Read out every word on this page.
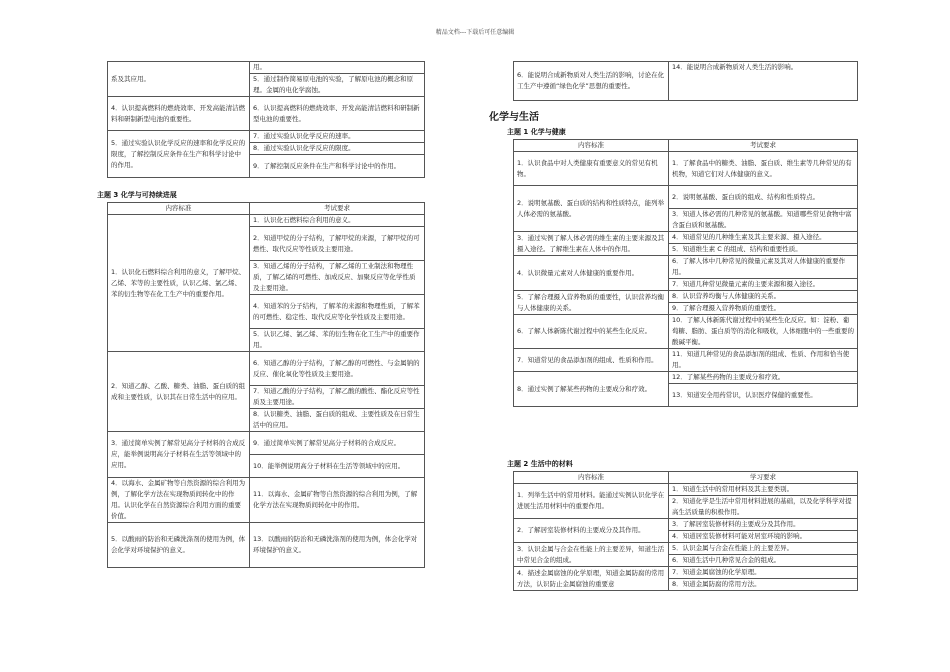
精品文档---下载后可任意编辑
系及其应用。	用。
	5．通过制作简易原电池的实验，了解原电池的概念和原理。金属的电化学腐蚀。
4．认识提高燃料的燃烧效率、开发高能清洁燃料和研制新型电池的重要性。	6．认识提高燃料的燃烧效率、开发高能清洁燃料和研制新型电池的重要性。
5．通过实验认识化学反应的速率和化学反应的限度，了解控制反应条件在生产和科学讨论中的作用。	7．通过实验认识化学反应的速率。
	8．通过实验认识化学反应的限度。
	9．了解控制反应条件在生产和科学讨论中的作用。
主题 3 化学与可持续进展
内容标准	考试要求
1．认识化石燃料综合利用的意义，了解甲烷、乙烯、苯等的主要性质，认识乙烯、氯乙烯、苯的衍生物等在化工生产中的重要作用。	1．认识化石燃料综合利用的意义。
	2．知道甲烷的分子结构，了解甲烷的来源，了解甲烷的可燃性、取代反应等性质及主要用途。
	3．知道乙烯的分子结构，了解乙烯的工业制法和物理性质，了解乙烯的可燃性、加成反应、加聚反应等化学性质及主要用途。
	4．知道苯的分子结构，了解苯的来源和物理性质，了解苯的可燃性、稳定性、取代反应等化学性质及主要用途。
	5．认识乙烯、氯乙烯、苯的衍生物在化工生产中的重要作用。
2．知道乙醇、乙酸、糖类、油脂、蛋白质的组成和主要性质，认识其在日常生活中的应用。	6．知道乙醇的分子结构，了解乙醇的可燃性、与金属钠的反应、催化氧化等性质及主要用途。
	7．知道乙酸的分子结构，了解乙酸的酸性、酯化反应等性质及主要用途。
	8．认识糖类、油脂、蛋白质的组成、主要性质及在日常生活中的应用。
3．通过简单实例了解常见高分子材料的合成反应，能举例说明高分子材料在生活等领域中的应用。	9．通过简单实例了解常见高分子材料的合成反应。
	10．能举例说明高分子材料在生活等领域中的应用。
4．以海水、金属矿物等自然资源的综合利用为例，了解化学方法在实现物质间转化中的作用。认识化学在自然资源综合利用方面的重要价值。	11．以海水、金属矿物等自然资源的综合利用为例，了解化学方法在实现物质间转化中的作用。
5．以酸雨的防治和无磷洗涤剂的使用为例，体会化学对环境保护的意义。	13．以酸雨的防治和无磷洗涤剂的使用为例，体会化学对环境保护的意义。
6．能说明合成新物质对人类生活的影响，讨论在化工生产中遵循“绿色化学”思想的重要性。	14．能说明合成新物质对人类生活的影响。
化学与生活
主题 1 化学与健康
内容标准	考试要求
1．认识食品中对人类健康有重要意义的常见有机物。	1．了解食品中的糖类、油脂、蛋白质、维生素等几种常见的有机物，知道它们对人体健康的意义。
2．说明氨基酸、蛋白质的结构和性质特点，能列举人体必需的氨基酸。	2．说明氨基酸、蛋白质的组成、结构和性质特点。
	3．知道人体必需的几种常见的氨基酸。知道哪些常见食物中富含蛋白质和氨基酸。
3．通过实例了解人体必需的维生素的主要来源及其摄入途径。了解维生素在人体中的作用。	4．知道常见的几种维生素及其主要来源、摄入途径。
	5．知道维生素 C 的组成、结构和重要性质。
4．认识微量元素对人体健康的重要作用。	6．了解人体中几种常见的微量元素及其对人体健康的重要作用。
	7．知道几种常见微量元素的主要来源和摄入途径。
5．了解合理摄入营养物质的重要性，认识营养均衡与人体健康的关系。	8．认识营养均衡与人体健康的关系。
	9．了解合理摄入营养物质的重要性。
6．了解人体新陈代谢过程中的某些生化反应。	10．了解人体新陈代谢过程中的某些生化反应。如：淀粉、葡萄糖、脂肪、蛋白质等的消化和吸收，人体细胞中的一些重要的酸碱平衡。
7．知道常见的食品添加剂的组成、性质和作用。	11．知道几种常见的食品添加剂的组成、性质、作用和恰当使用。
8．通过实例了解某些药物的主要成分和疗效。	12．了解某些药物的主要成分和疗效。
	13．知道安全用药常识，认识医疗保健的重要性。
主题 2 生活中的材料
内容标准	学习要求
1．列举生活中的常用材料。能通过实例认识化学在进展生活用材料中的重要作用。	1．知道生活中的常用材料及其主要类别。
	2．知道化学是生活中常用材料进展的基础，以及化学科学对提高生活质量的积极作用。
2．了解居室装修材料的主要成分及其作用。	3．了解居室装修材料的主要成分及其作用。
	4．知道居室装修材料可能对居室环境的影响。
3．认识金属与合金在性能上的主要差异，知道生活中常见合金的组成。	5．认识金属与合金在性能上的主要差异。
	6．知道生活中几种常见合金的组成。
4．描述金属腐蚀的化学原理，知道金属防腐的常用方法，认识防止金属腐蚀的重要意	7．知道金属腐蚀的化学原理。
	8．知道金属防腐的常用方法。
